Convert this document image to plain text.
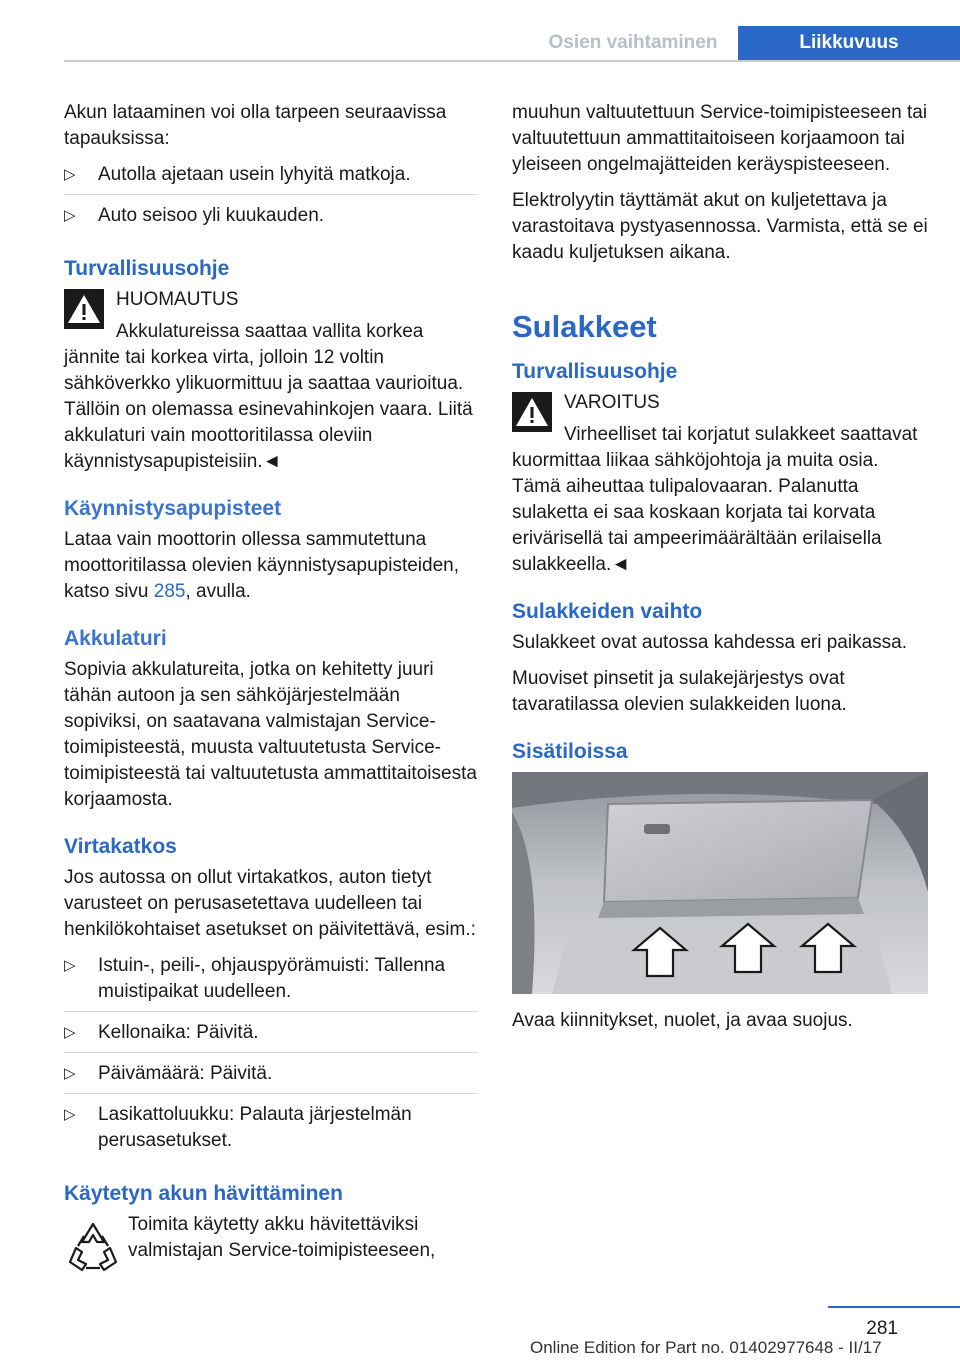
Osien vaihtaminen	Liikkuvuus

Akun lataaminen voi olla tarpeen seuraavissa tapauksissa:

▷ Autolla ajetaan usein lyhyitä matkoja.
▷ Auto seisoo yli kuukauden.
Turvallisuusohje
HUOMAUTUS
Akkulatureissa saattaa vallita korkea jännite tai korkea virta, jolloin 12 voltin sähköverkko ylikuormittuu ja saattaa vaurioitua. Tällöin on olemassa esinevahinkojen vaara. Liitä akkulaturi vain moottoritilassa oleviin käynnistysapupisteisiin.◄
Käynnistysapupisteet

Lataa vain moottorin ollessa sammutettuna moottoritilassa olevien käynnistysapupisteiden, katso sivu 285, avulla.

Akkulaturi

Sopivia akkulatureita, jotka on kehitetty juuri tähän autoon ja sen sähköjärjestelmään sopiviksi, on saatavana valmistajan Service-toimipisteestä, muusta valtuutetusta Service-toimipisteestä tai valtuutetusta ammattitaitoisesta korjaamosta.

Virtakatkos

Jos autossa on ollut virtakatkos, auton tietyt varusteet on perusasetettava uudelleen tai henkilökohtaiset asetukset on päivitettävä, esim.:

▷ Istuin-, peili-, ohjauspyörämuisti: Tallenna muistipaikat uudelleen.
▷ Kellonaika: Päivitä.
▷ Päivämäärä: Päivitä.
▷ Lasikattoluukku: Palauta järjestelmän perusasetukset.
Käytetyn akun hävittäminen

Toimita käytetty akku hävitettäviksi valmistajan Service-toimipisteeseen,

muuhun valtuutettuun Service-toimipisteeseen tai valtuutettuun ammattitaitoiseen korjaamoon tai yleiseen ongelmajätteiden keräyspisteeseen.

Elektrolyytin täyttämät akut on kuljetettava ja varastoitava pystyasennossa. Varmista, että se ei kaadu kuljetuksen aikana.

Sulakkeet
Turvallisuusohje
VAROITUS
Virheelliset tai korjatut sulakkeet saattavat kuormittaa liikaa sähköjohtoja ja muita osia. Tämä aiheuttaa tulipalovaaran. Palanutta sulaketta ei saa koskaan korjata tai korvata erivärisellä tai ampeerimäärältään erilaisella sulakkeella.◄
Sulakkeiden vaihto

Sulakkeet ovat autossa kahdessa eri paikassa.

Muoviset pinsetit ja sulakejärjestys ovat tavaratilassa olevien sulakkeiden luona.

Sisätiloissa

Avaa kiinnitykset, nuolet, ja avaa suojus.

281
Online Edition for Part no. 01402977648 - II/17
